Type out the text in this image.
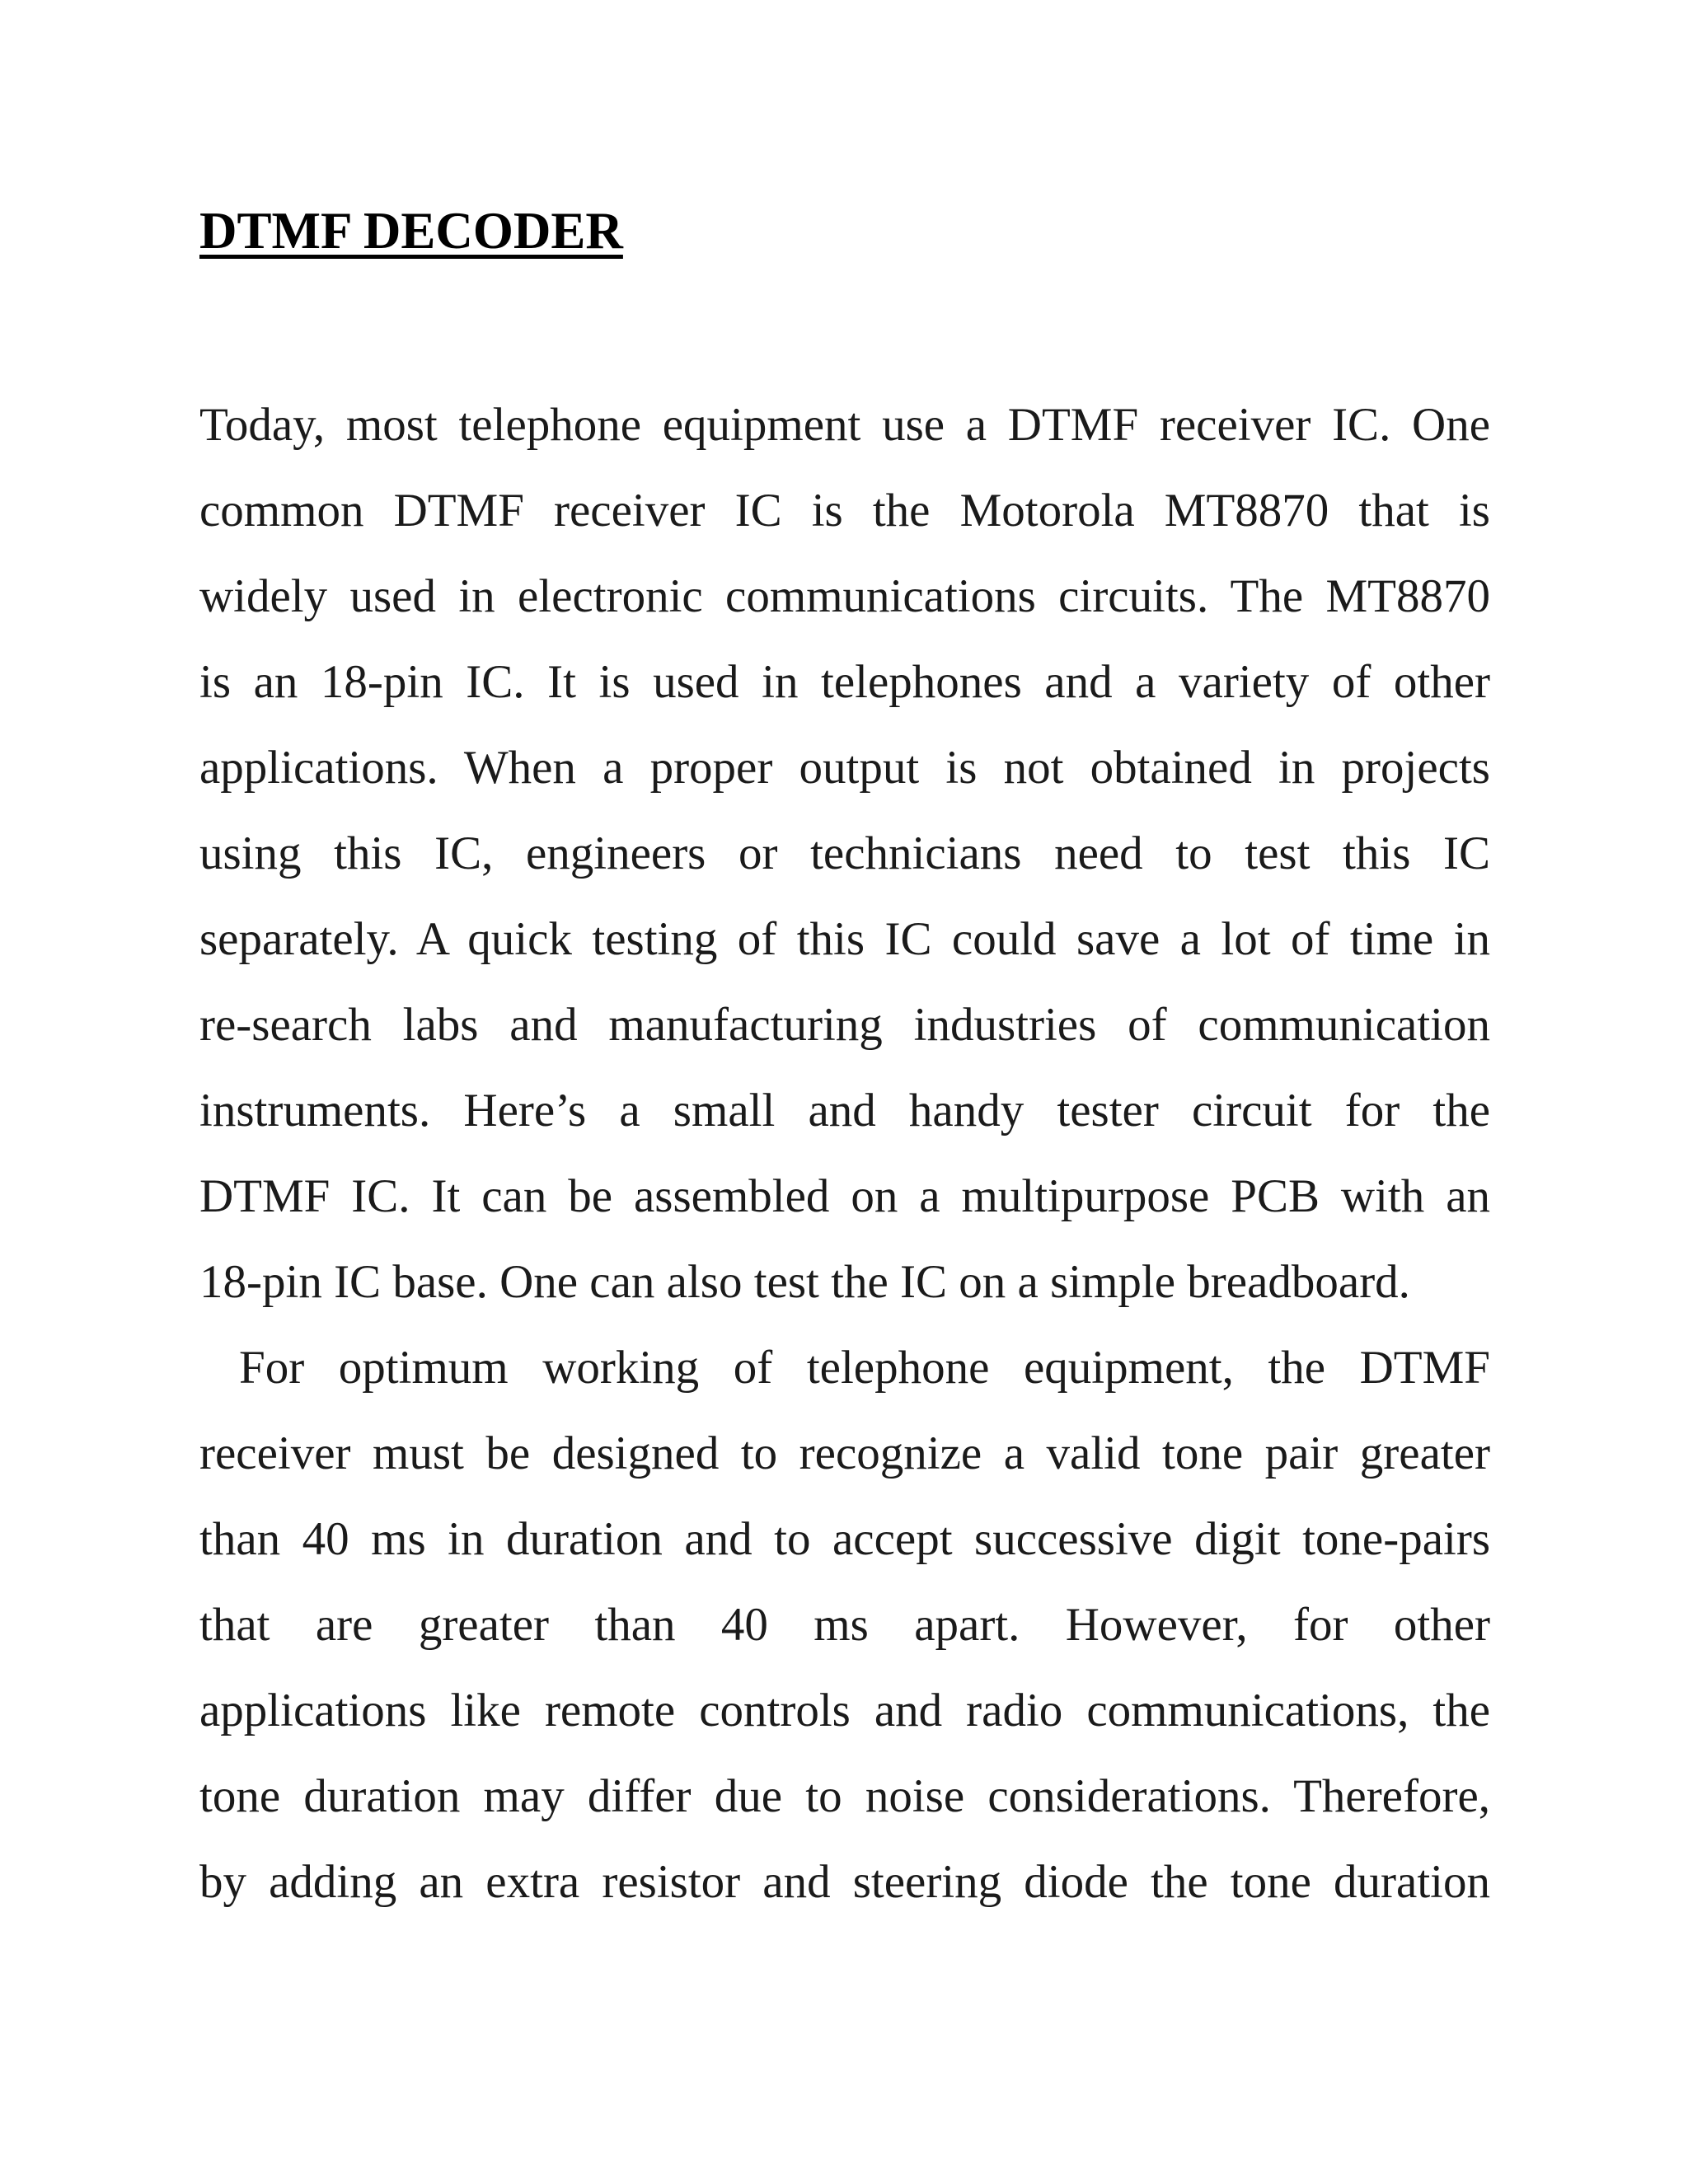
DTMF DECODER
Today, most telephone equipment use a DTMF receiver IC. One
common DTMF receiver IC is the Motorola MT8870 that is
widely used in electronic communications circuits. The MT8870
is an 18-pin IC. It is used in telephones and a variety of other
applications. When a proper output is not obtained in projects
using this IC, engineers or technicians need to test this IC
separately. A quick testing of this IC could save a lot of time in
re-search labs and manufacturing industries of communication
instruments. Here’s a small and handy tester circuit for the
DTMF IC. It can be assembled on a multipurpose PCB with an
18-pin IC base. One can also test the IC on a simple breadboard.
For optimum working of telephone equipment, the DTMF
receiver must be designed to recognize a valid tone pair greater
than 40 ms in duration and to accept successive digit tone-pairs
that are greater than 40 ms apart. However, for other
applications like remote controls and radio communications, the
tone duration may differ due to noise considerations. Therefore,
by adding an extra resistor and steering diode the tone duration
